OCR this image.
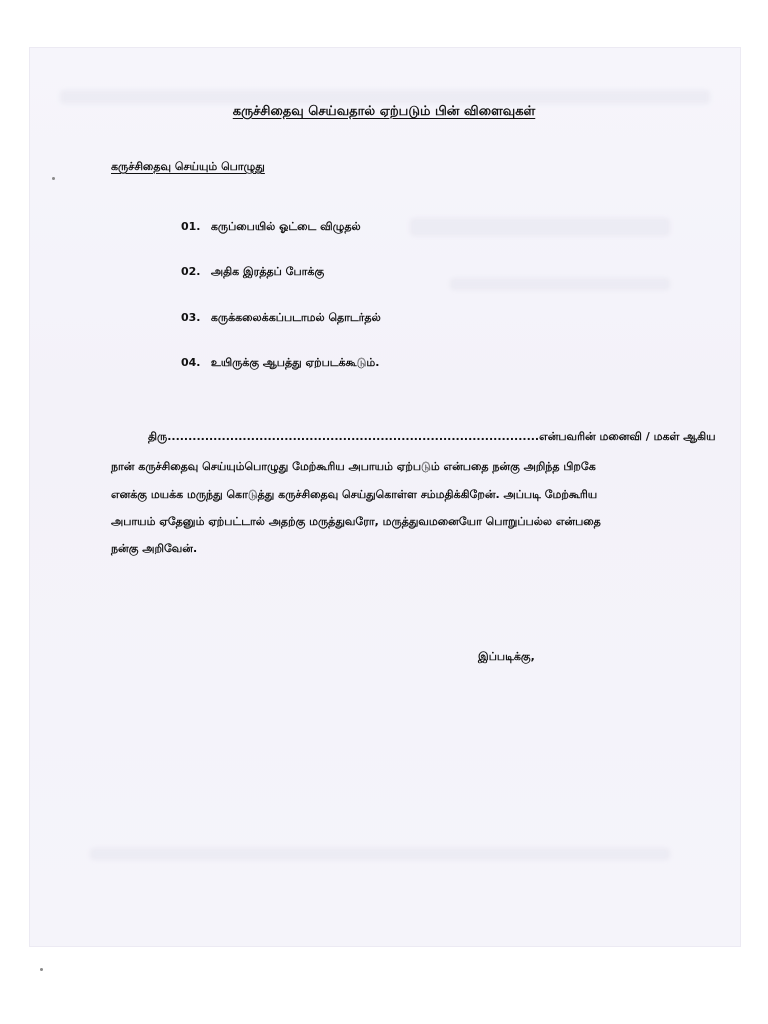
கருச்சிதைவு செய்வதால் ஏற்படும் பின் விளைவுகள்
கருச்சிதைவு செய்யும் பொழுது
01. கருப்பையில் ஓட்டை விழுதல்
02. அதிக இரத்தப் போக்கு
03. கருக்கலைக்கப்படாமல் தொடர்தல்
04. உயிருக்கு ஆபத்து ஏற்படக்கூடும்.
திரு.........................................................................................என்பவரின் மனைவி / மகள் ஆகிய
நான் கருச்சிதைவு செய்யும்பொழுது மேற்கூரிய அபாயம் ஏற்படும் என்பதை நன்கு அறிந்த பிறகே
எனக்கு மயக்க மருந்து கொடுத்து கருச்சிதைவு செய்துகொள்ள சம்மதிக்கிறேன். அப்படி மேற்கூரிய
அபாயம் ஏதேனும் ஏற்பட்டால் அதற்கு மருத்துவரோ, மருத்துவமனையோ பொறுப்பல்ல என்பதை
நன்கு அறிவேன்.
இப்படிக்கு,
